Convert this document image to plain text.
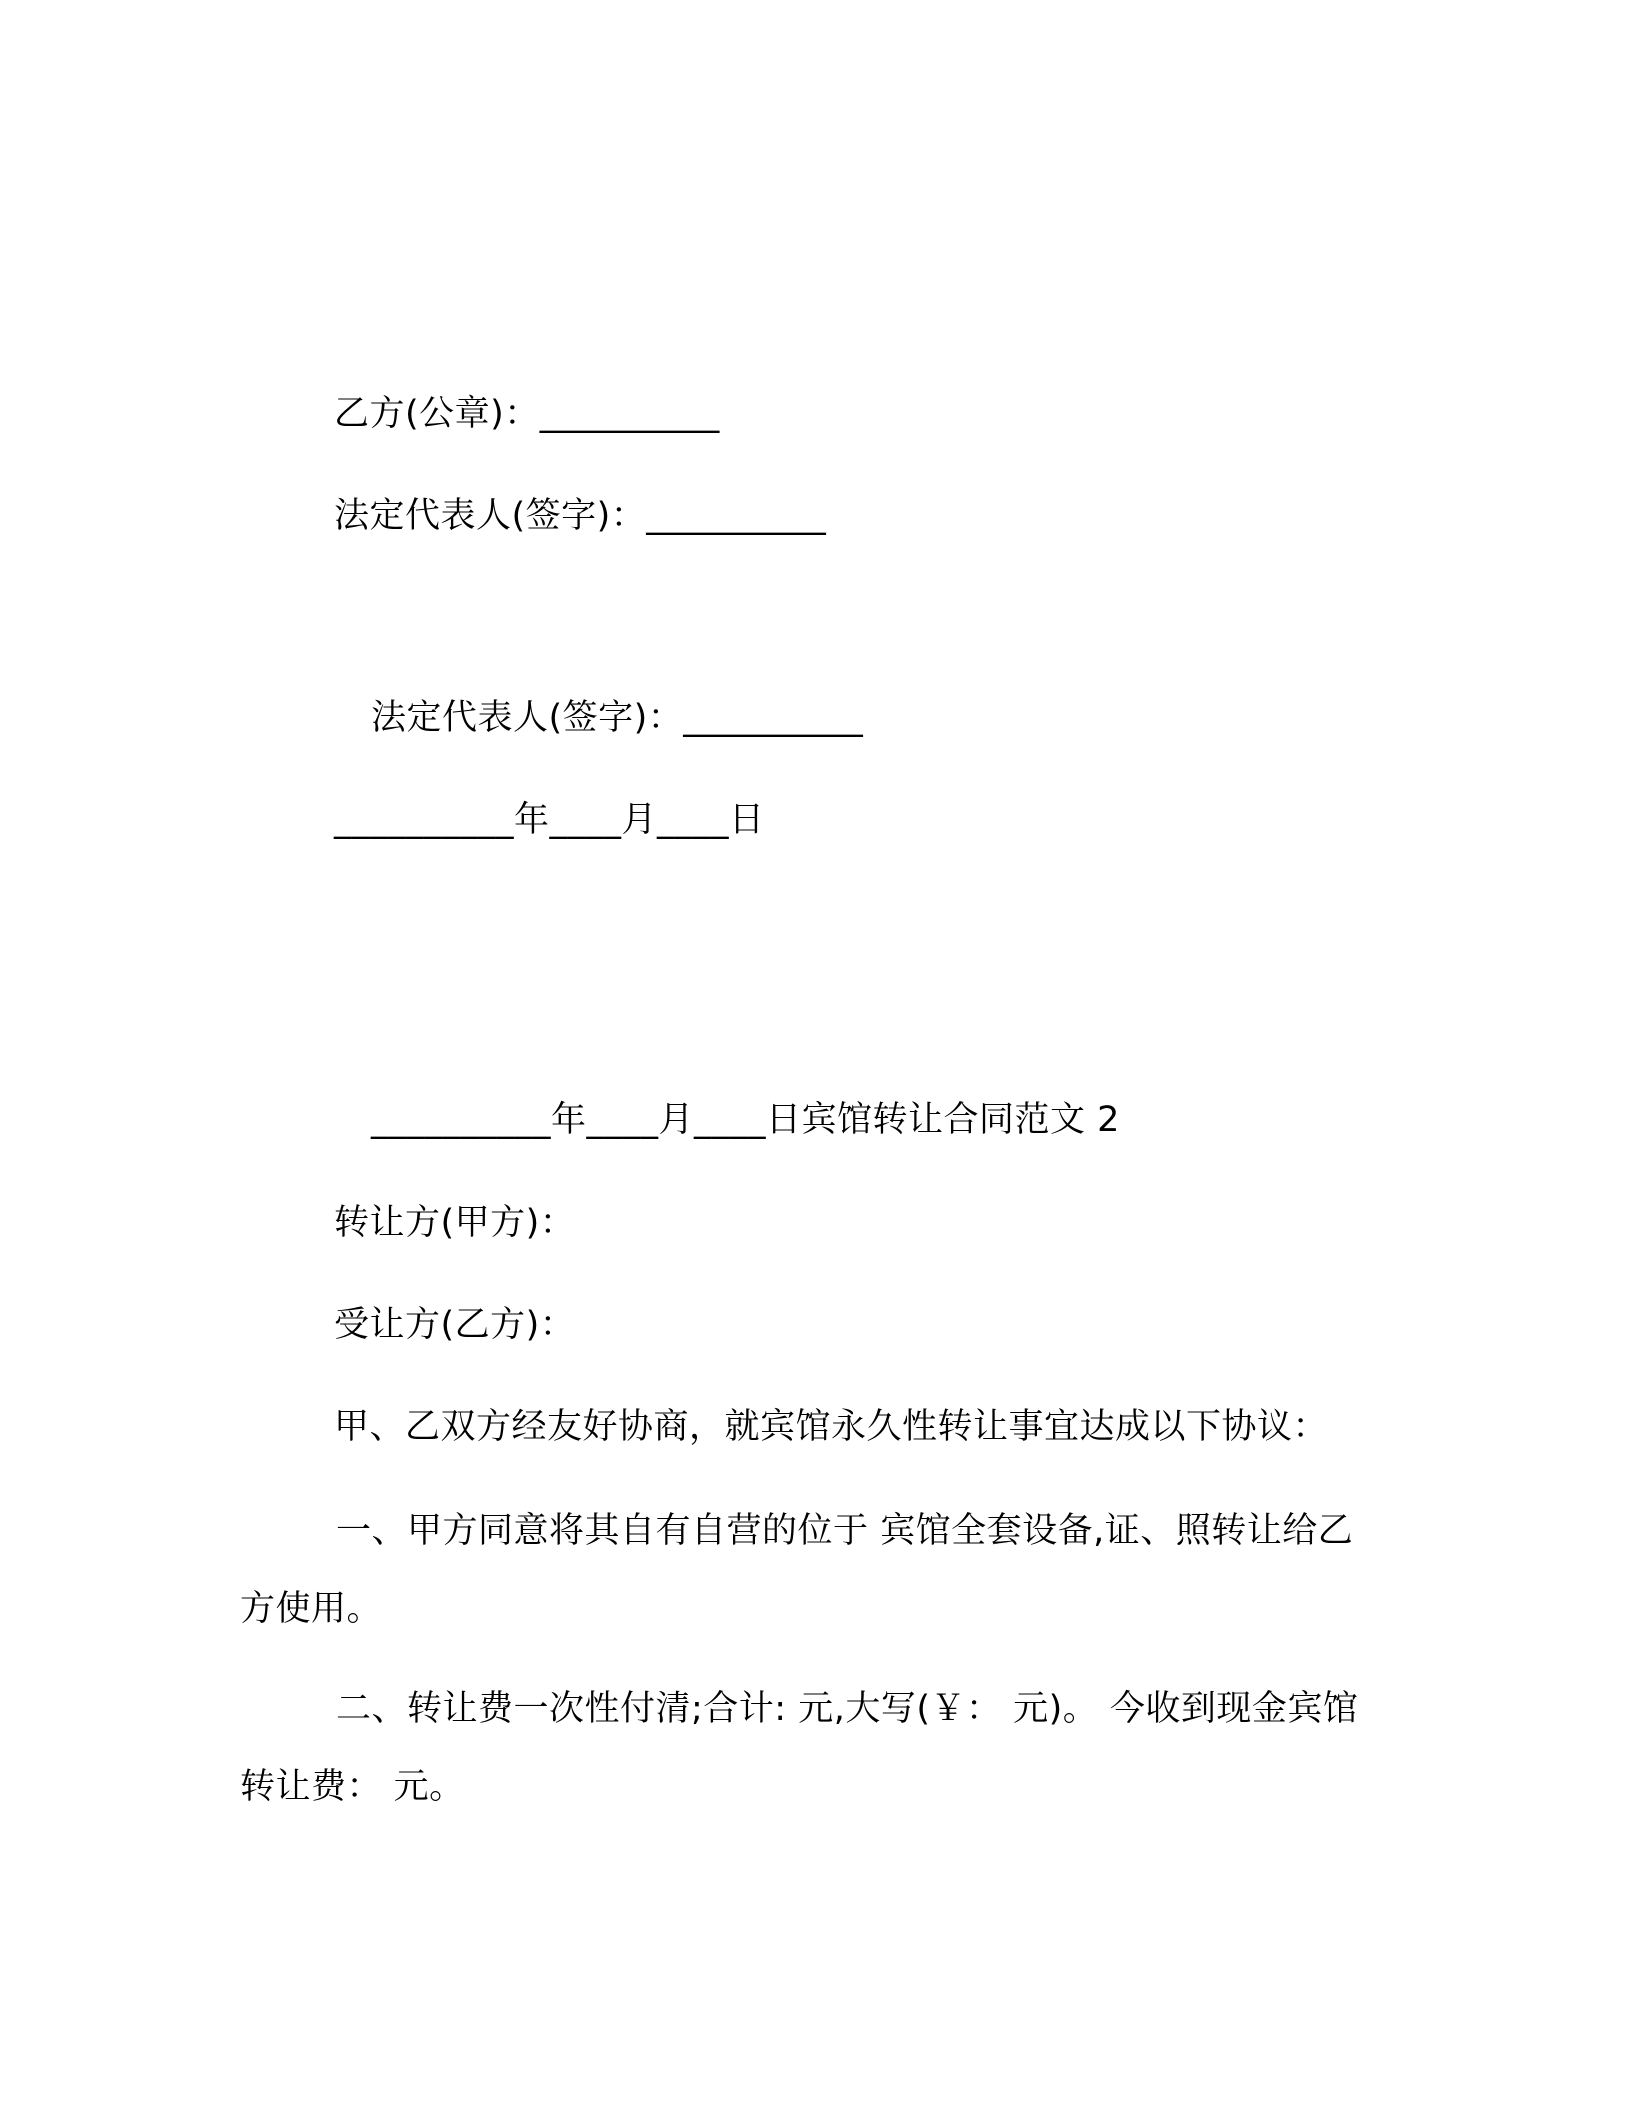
乙方(公章)：__________
法定代表人(签字)：__________
法定代表人(签字)：__________
__________年____月____日
__________年____月____日宾馆转让合同范文 2
转让方(甲方)：
受让方(乙方)：
甲、乙双方经友好协商，就宾馆永久性转让事宜达成以下协议：
一、甲方同意将其自有自营的位于 宾馆全套设备,证、照转让给乙方使用。
二、转让费一次性付清;合计: 元,大写(￥： 元)。 今收到现金宾馆转让费： 元。
